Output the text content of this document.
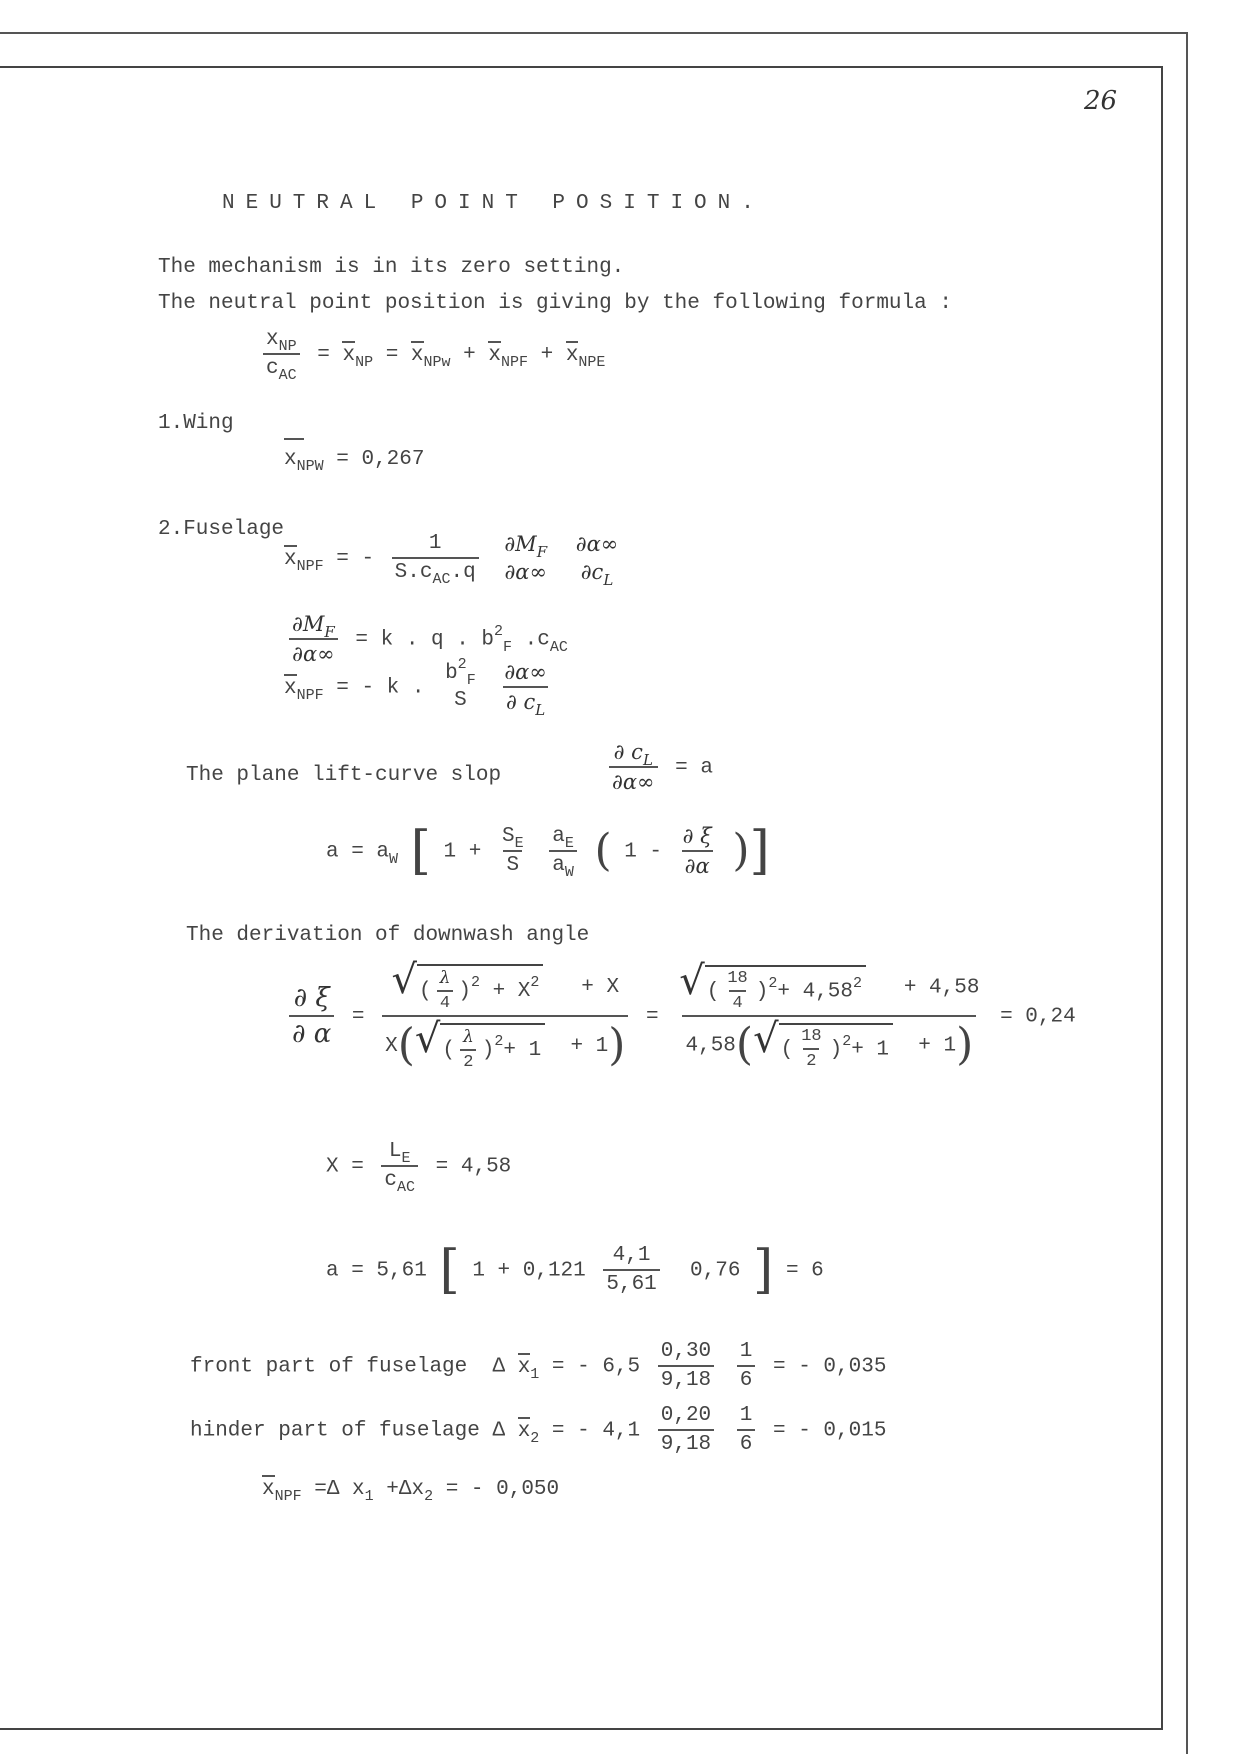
26
NEUTRAL POINT POSITION.
The mechanism is in its zero setting.
The neutral point position is giving by the following formula :
$\frac{x_{NP}}{c_{AC}} = x_{NP} = x_{NPw} + x_{NPF} + x_{NPE}$
1.Wing
$x_{NPW} = 0,267$
2.Fuselage
$x_{NPF}$ = - $\frac{1}{S.c_{AC}.q}$
$\partial M_F$
∂α∞

∂α∞
$\partial c_L$
$\frac{\partial M_F}{\partial\alpha\infty} = k$ . q . $b^2_F$ $.c_{AC}$
$x_{NPF}$ = - k .
$b^2_F$
S
$\frac{\partial\alpha\infty}{\partial c_L}$
The plane lift-curve slop	$\frac{\partial c_L}{\partial\alpha\infty} = a$
$a = a_W$ [ $1 + \frac{S_E}{S}$
$\frac{a_E}{a_W}$ ( $1 - \frac{\partial \xi}{\partial\alpha}$ )]
The derivation of downwash angle
$\frac{\partial \xi}{\partial \alpha} = \frac{√ ( \frac{\lambda}{4} )^2 + X^2 + X}{X( √ ( \frac{\lambda}{2} )^2+ 1 + 1)} = \frac{√ ( \frac{18}{4} )^2+ 4,58^2 + 4,58}{4,58( √ ( \frac{18}{2} )^2+ 1 + 1)} = 0,24$
$X = \frac{L_E}{c_{AC}} = 4,58$
a = 5,61 [ $1 + 0,121 \frac{4,1}{5,61} 0,76$ ] = 6
front part of fuselage Δ $x_1$ = - $6,5 \frac{0,30}{9,18}$
$\frac{1}{6}$ = - 0,035
hinder part of fuselage Δ $x_2$ = - $4,1 \frac{0,20}{9,18}$
$\frac{1}{6}$ = - 0,015
$x_{NPF} =\Delta$ $x_1 +\Delta x_2$ = - 0,050
